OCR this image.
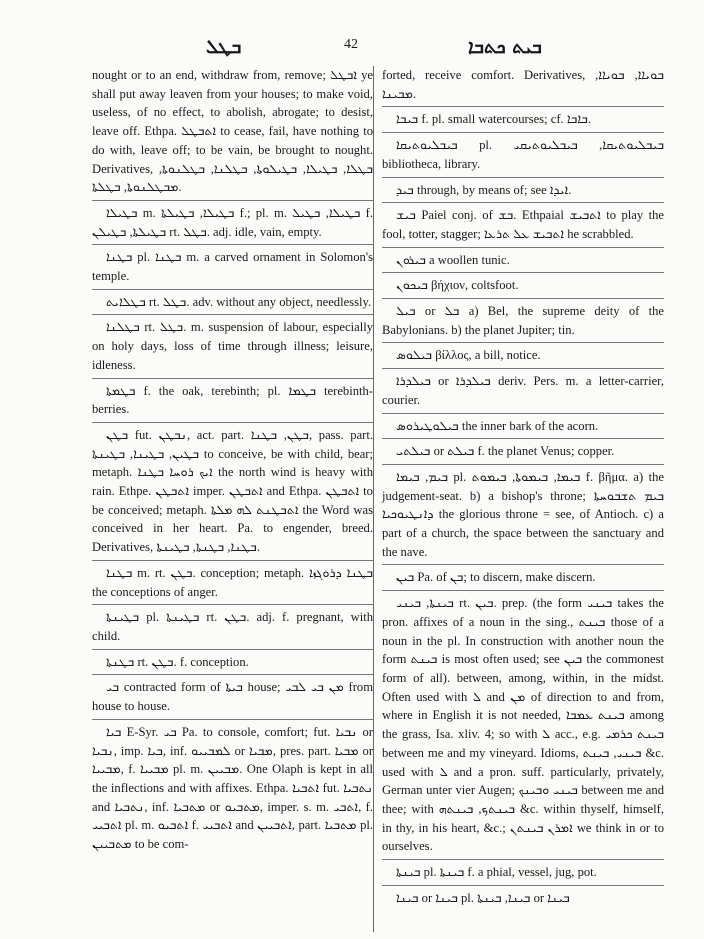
ܒܛܠ	42	ܒܝܬ ܟܬܒܐ

nought or to an end, withdraw from, remove; ܐܒܛܠ ye shall put away leaven from your houses; to make void, useless, of no effect, to abolish, abrogate; to desist, leave off. Ethpa. ܐܬܒܛܠ to cease, fail, have nothing to do with, leave off; to be vain, be brought to nought. Derivatives, ܒܛܠܐ, ܒܛܝܠܐ, ܒܛܝܠܘܬܐ, ܒܛܠܢܐ, ܒܛܠܢܘܬܐ, ܡܒܛܠܢܘܬܐ, ܒܛܠܬܐ.

ܒܛܝܠܐ m. ܒܛܝܠܐ, ܒܛܝܠܬܐ f.; pl. m. ܒܛܝܠܐ, ܒܛܝܠ f. ܒܛܝܠܬܐ, ܒܛܝܠܢ rt. ܒܛܠ. adj. idle, vain, empty.

ܒܛܢܐ pl. ܒܛܢܐ m. a carved ornament in Solomon's temple.

ܒܛܠܐܝܬ rt. ܒܛܠ. adv. without any object, needlessly.

ܒܛܠܢܐ rt. ܒܛܠ. m. suspension of labour, especially on holy days, loss of time through illness; leisure, idleness.

ܒܛܡܬܐ f. the oak, terebinth; pl. ܒܛܡܐ terebinth-berries.

ܒܛܢ fut. ܢܒܛܢ, act. part. ܒܛܢ, ܒܛܢܐ, pass. part. ܒܛܝܢ, ܒܛܝܢܐ, ܒܛܝܢܬܐ to conceive, be with child, bear; metaph. ܐܝܟ ܪܘܚܐ ܒܛܢܐ the north wind is heavy with rain. Ethpe. ܐܬܒܛܢ imper. ܐܬܒܛܢ and Ethpa. ܐܬܒܛܢ to be conceived; metaph. ܐܬܒܛܢܬ ܠܗ ܡܠܬܐ the Word was conceived in her heart. Pa. to engender, breed. Derivatives, ܒܛܢܐ, ܒܛܢܬܐ, ܒܛܝܢܬܐ.

ܒܛܢܐ m. rt. ܒܛܢ. conception; metaph. ܒܛܢܐ ܕܪܘܓܙܐ the conceptions of anger.

ܒܛܝܢܬܐ pl. ܒܛܝܢܬܐ rt. ܒܛܢ. adj. f. pregnant, with child.

ܒܛܢܬܐ rt. ܒܛܢ. f. conception.

ܒܝ contracted form of ܒܝܬܐ house; ܡܢ ܒܝ ܠܒܝ from house to house.

ܒܝܐ E-Syr. ܒܝ Pa. to console, comfort; fut. ܢܒܝܐ or ܢܒܝܐ, imp. ܒܝܐ, inf. ܠܡܒܝܝܘ or ܡܒܝܐ, pres. part. ܡܒܝܐ or ܡܒܝܝܐ, f. ܡܒܝܝܐ pl. m. ܡܒܝܝܢ. One Olaph is kept in all the inflections and with affixes. Ethpa. ܐܬܒܝܐ fut. ܢܬܒܝܐ and ܢܬܒܝܐ, inf. ܡܬܒܝܐ or ܡܬܒܝܘ, imper. s. m. ܐܬܒܝ, f. ܐܬܒܝܝ pl. m. ܐܬܒܝܘ f. ܐܬܒܝܝ and ܐܬܒܝܝܢ, part. ܡܬܒܝܐ pl. ܡܬܒܝܝܢ to be com-

forted, receive comfort. Derivatives, ܒܘܝܐܐ, ܒܘܝܐܐ, ܡܒܝܢܐ.

ܒܝܒܐ f. pl. small watercourses; cf. ܒܐܒܐ.

ܒܝܒܠܝܘܬܝܩܐ pl. ܒܝܒܠܝܘܬܝܩܐ, ܒܝܒܠܝܘܬܝܩܝ bibliotheca, library.

ܒܝܕ through, by means of; see ܐܝܕܐ.

ܒܝܫ Paiel conj. of ܒܫ. Ethpaial ܐܬܒܝܫ to play the fool, totter, stagger; ܐܬܒܝܫ ܥܠ ܬܪܥܐ he scrabbled.

ܒܝܪܘܢ a woollen tunic.

ܒܝܟܘܢ βήχιον, coltsfoot.

ܒܝܠ or ܒܠ a) Bel, the supreme deity of the Babylonians. b) the planet Jupiter; tin.

ܒܝܠܘܣ βίλλος, a bill, notice.

ܒܝܠܕܪܐ or ܒܝܠܕܪܐ deriv. Pers. m. a letter-carrier, courier.

ܒܝܠܘܛܝܪܘܣ the inner bark of the acorn.

ܒܝܠܬܝ or ܒܝܠܬ f. the planet Venus; copper.

ܒܝܡ, ܒܝܡܐ pl. ܒܝܡܐ, ܒܝܡܘܬܐ, ܒܝܡܘܬ f. βῆμα. a) the judgement-seat. b) a bishop's throne; ܒܝܡ ܬܫܒܘܚܬܐ ܕܐܢܛܝܘܟܝܐ the glorious throne = see, of Antioch. c) a part of a church, the space between the sanctuary and the nave.

ܒܝܢ Pa. of ܒܢ; to discern, make discern.

ܒܝܢܬܐ, ܒܝܢܝ rt. ܒܝܢ. prep. (the form ܒܝܢܝ takes the pron. affixes of a noun in the sing., ܒܝܢܬ those of a noun in the pl. In construction with another noun the form ܒܝܢܬ is most often used; see ܒܝܢ the commonest form of all). between, among, within, in the midst. Often used with ܠ and ܡܢ of direction to and from, where in English it is not needed, ܒܝܢܬ ܥܡܒܐ among the grass, Isa. xliv. 4; so with ܠ acc., e.g. ܒܝܢܬ ܟܪܡܝ between me and my vineyard. Idioms, ܒܝܢܝ, ܒܝܢܬ &c. used with ܠ and a pron. suff. particularly, privately, German unter vier Augen; ܒܝܢܝ ܘܒܝܢܟ between me and thee; with ܒܝܢܬܟ, ܒܝܢܬܗ &c. within thyself, himself, in thy, in his heart, &c.; ܐܡܪܢ ܒܝܢܬܢ we think in or to ourselves.

ܒܝܢܬܐ pl. ܒܝܢܬܐ f. a phial, vessel, jug, pot.

ܒܝܢܐ or ܒܝܢܐ pl. ܒܝܢܐ, ܒܝܢܬܐ or ܒܝܢܐ
